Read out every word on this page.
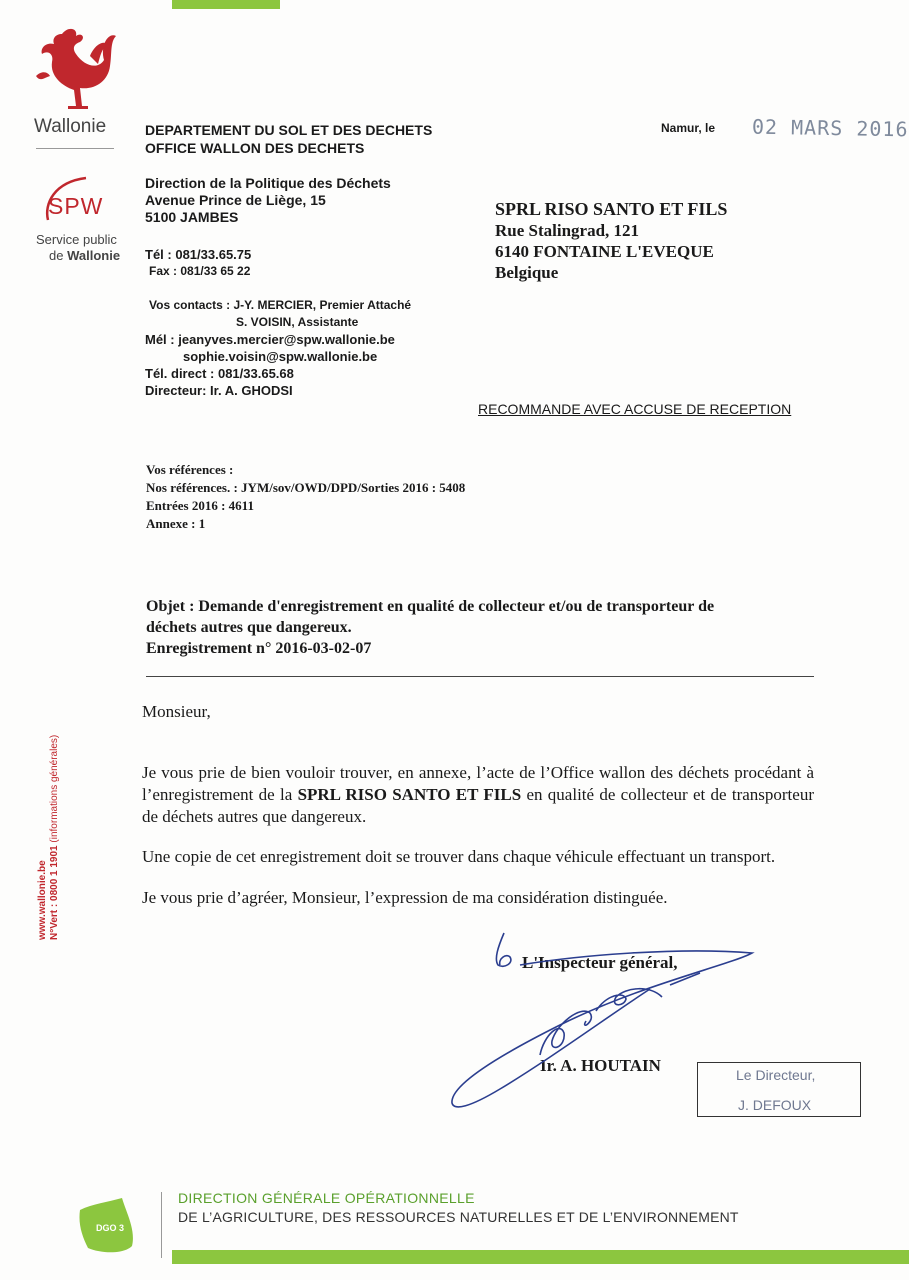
Wallonie
SPW
Service public
de Wallonie
www.wallonie.be N°Vert : 0800 1 1901 (informations générales)
DEPARTEMENT DU SOL ET DES DECHETS
OFFICE WALLON DES DECHETS
Direction de la Politique des Déchets
Avenue Prince de Liège, 15
5100 JAMBES
Tél : 081/33.65.75
Fax : 081/33 65 22
Vos contacts : J-Y. MERCIER, Premier Attaché
S. VOISIN, Assistante
Mél : jeanyves.mercier@spw.wallonie.be
sophie.voisin@spw.wallonie.be
Tél. direct : 081/33.65.68
Directeur: Ir. A. GHODSI
Namur, le 02 MARS 2016
SPRL RISO SANTO ET FILS
Rue Stalingrad, 121
6140 FONTAINE L'EVEQUE
Belgique
RECOMMANDE AVEC ACCUSE DE RECEPTION
Vos références :
Nos références. : JYM/sov/OWD/DPD/Sorties 2016 : 5408
Entrées 2016 : 4611
Annexe : 1
Objet : Demande d'enregistrement en qualité de collecteur et/ou de transporteur de
déchets autres que dangereux.
Enregistrement n° 2016-03-02-07
Monsieur,
Je vous prie de bien vouloir trouver, en annexe, l’acte de l’Office wallon des déchets procédant à l’enregistrement de la SPRL RISO SANTO ET FILS en qualité de collecteur et de transporteur de déchets autres que dangereux.
Une copie de cet enregistrement doit se trouver dans chaque véhicule effectuant un transport.
Je vous prie d’agréer, Monsieur, l’expression de ma considération distinguée.
L'Inspecteur général,
Ir. A. HOUTAIN	Le Directeur,
J. DEFOUX
DGO 3
DIRECTION GÉNÉRALE OPÉRATIONNELLE
DE L’AGRICULTURE, DES RESSOURCES NATURELLES ET DE L’ENVIRONNEMENT
